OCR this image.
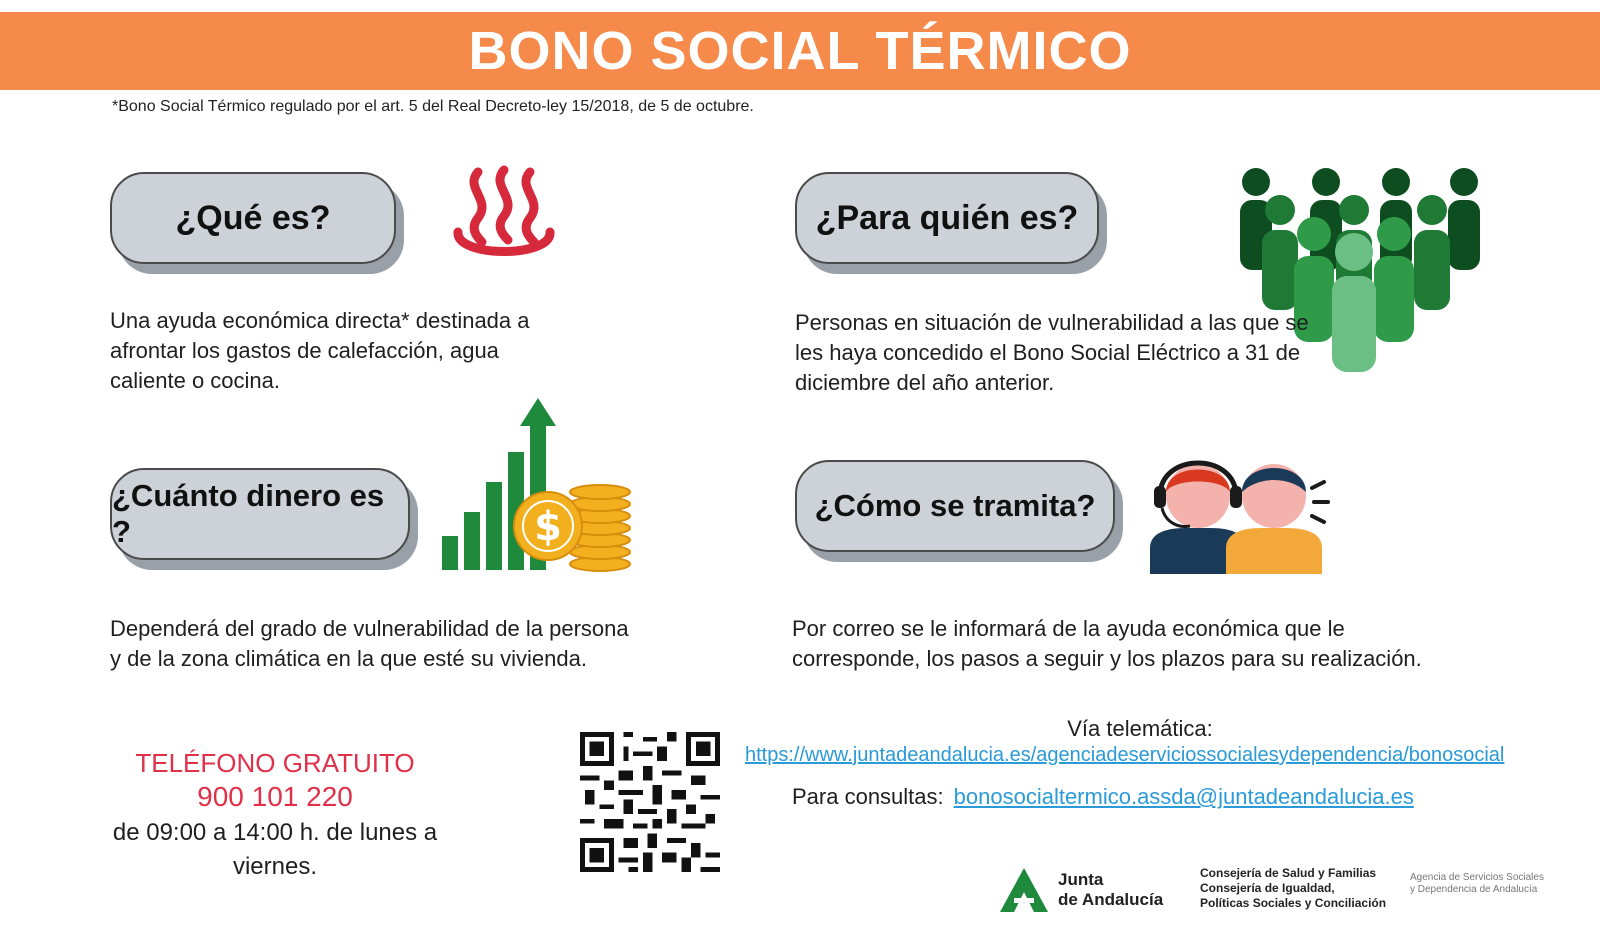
BONO SOCIAL TÉRMICO
*Bono Social Térmico regulado por el art. 5 del Real Decreto-ley 15/2018, de 5 de octubre.
¿Qué es?
Una ayuda económica directa* destinada a afrontar los gastos de calefacción, agua caliente o cocina.
¿Para quién es?
Personas en situación de vulnerabilidad a las que se les haya concedido el Bono Social Eléctrico a 31 de diciembre del año anterior.
¿Cuánto dinero es ?	$
Dependerá del grado de vulnerabilidad de la persona y de la zona climática en la que esté su vivienda.
¿Cómo se tramita?
Por correo se le informará de la ayuda económica que le corresponde, los pasos a seguir y los plazos para su realización.
TELÉFONO GRATUITO
900 101 220
de 09:00 a 14:00 h. de lunes a viernes.
Vía telemática:
https://www.juntadeandalucia.es/agenciadeserviciossocialesydependencia/bonosocial
Para consultas: bonosocialtermico.assda@juntadeandalucia.es
Junta
de Andalucía
Consejería de Salud y Familias
Consejería de Igualdad,
Políticas Sociales y Conciliación
Agencia de Servicios Sociales
y Dependencia de Andalucía
